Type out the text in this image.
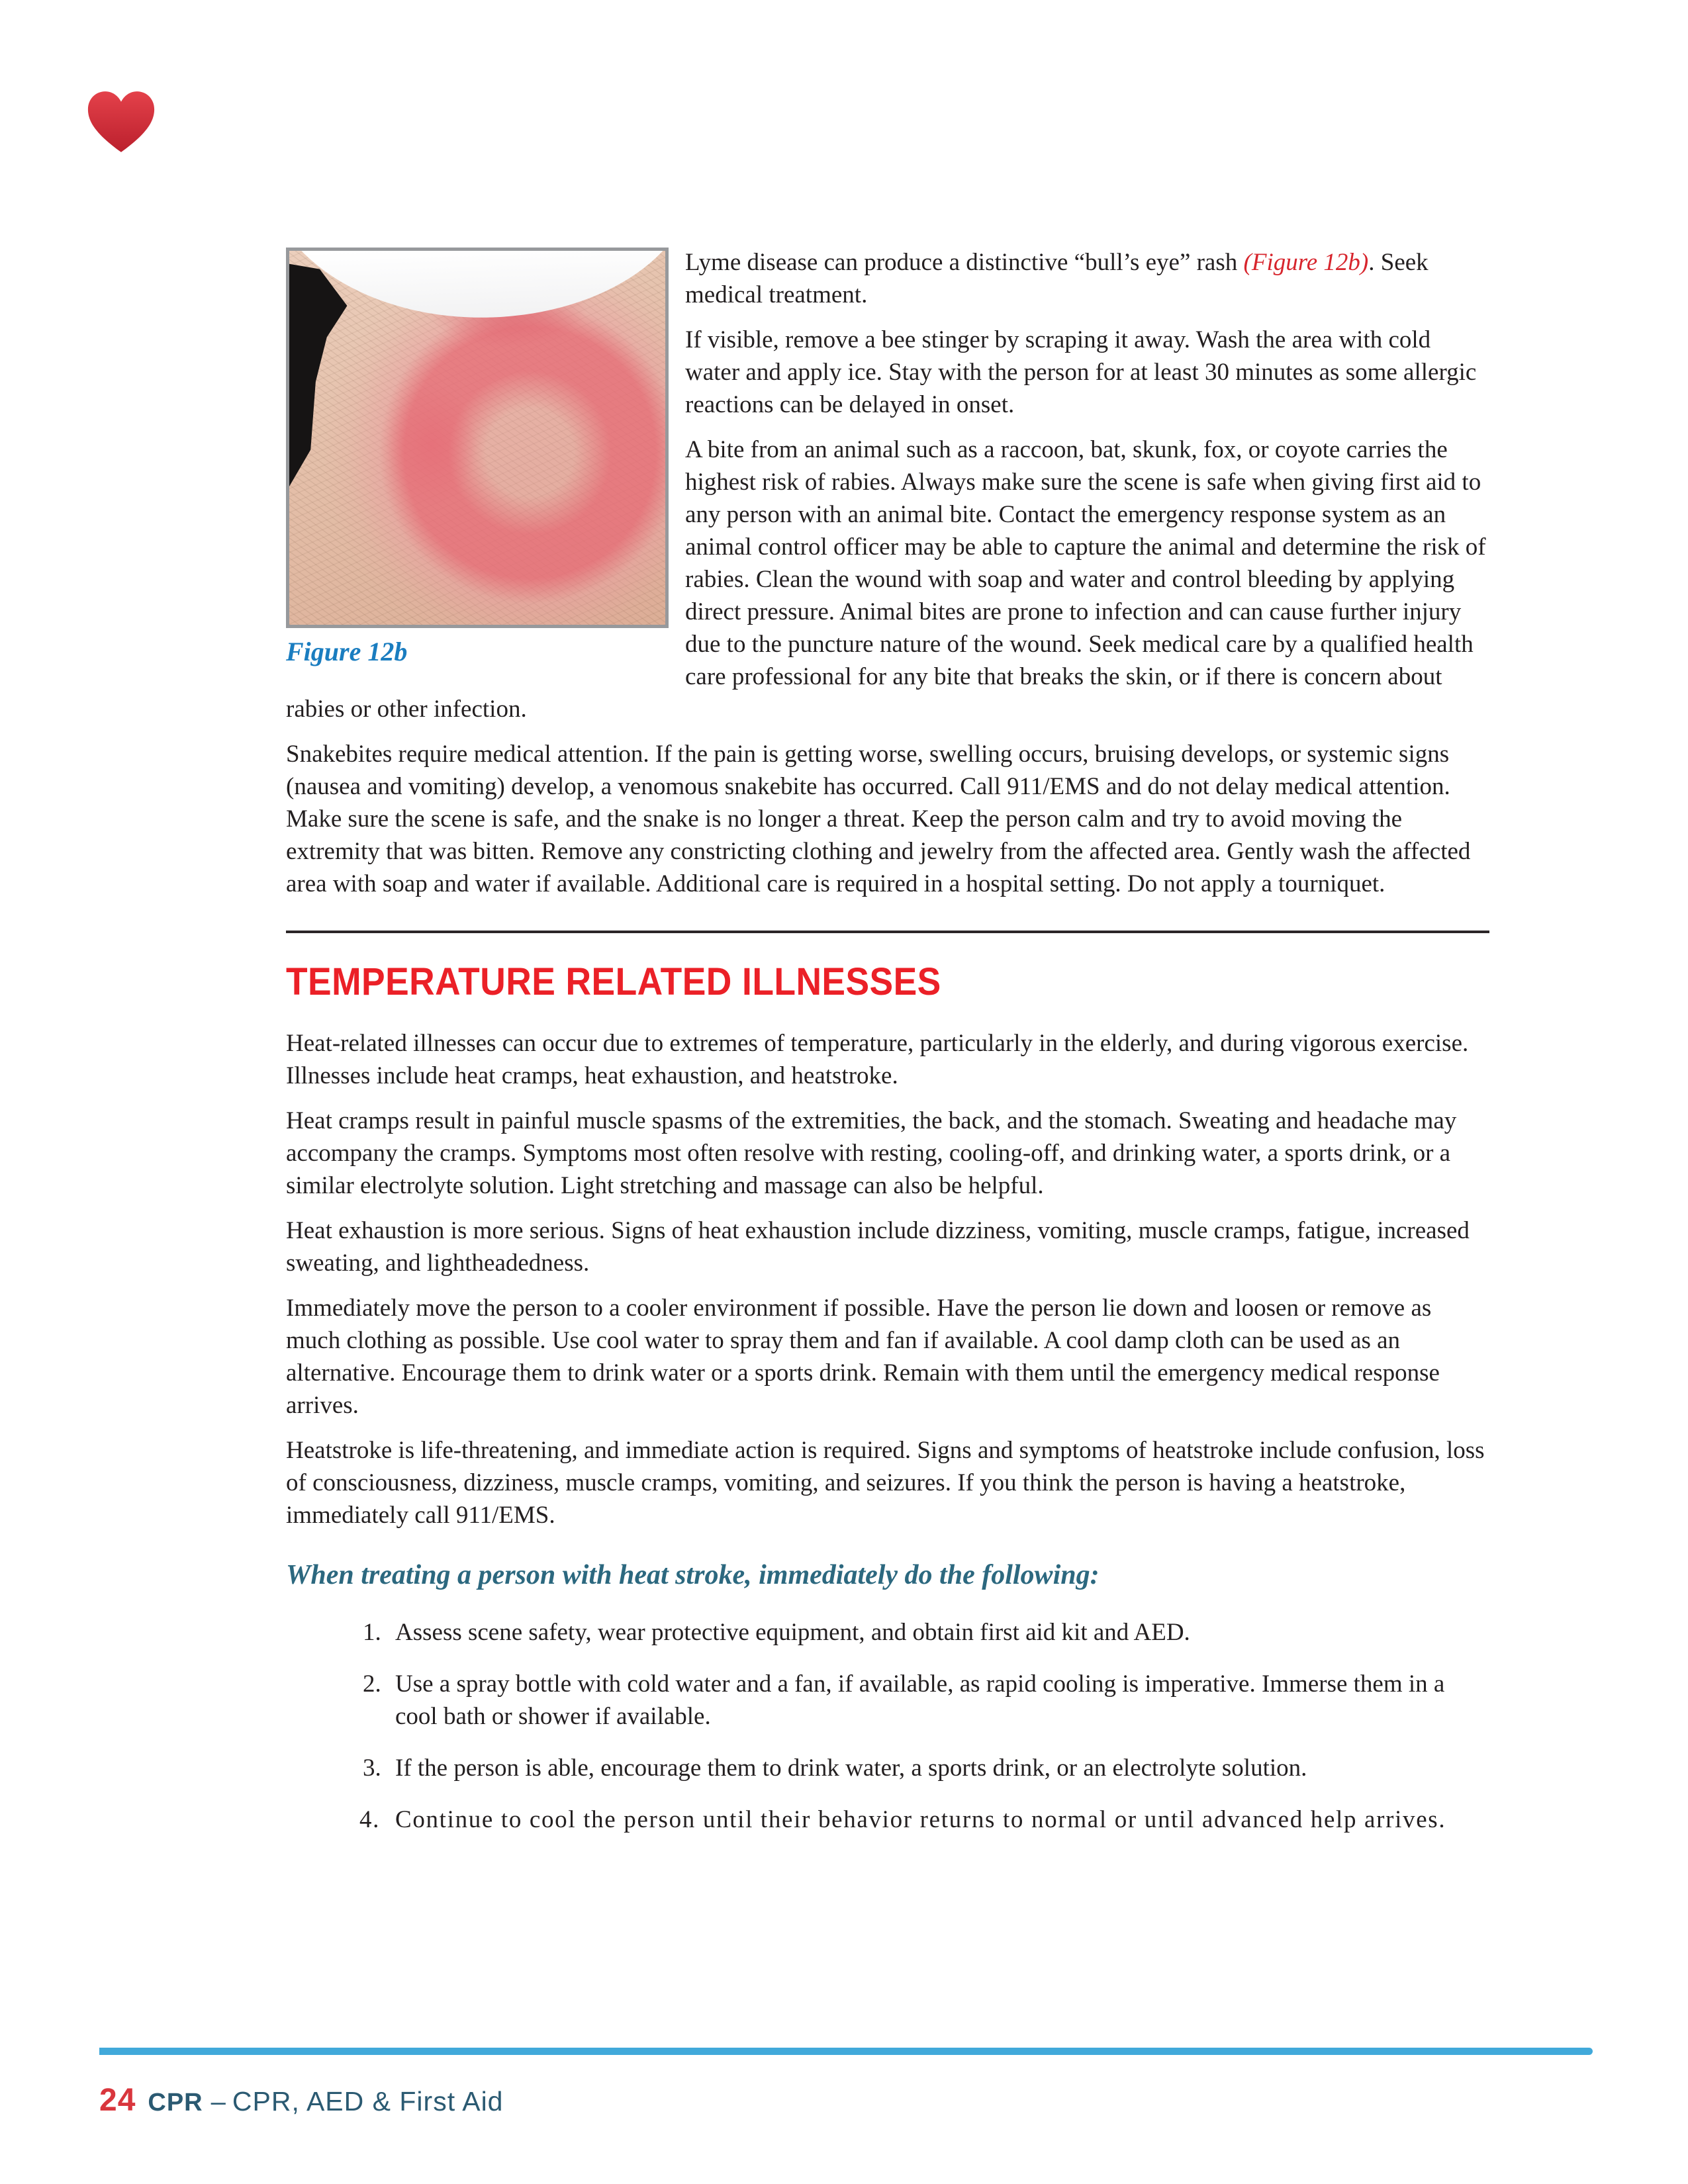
Figure 12b

Lyme disease can produce a distinctive “bull’s eye” rash (Figure 12b). Seek medical treatment.

If visible, remove a bee stinger by scraping it away. Wash the area with cold water and apply ice. Stay with the person for at least 30 minutes as some allergic reactions can be delayed in onset.

A bite from an animal such as a raccoon, bat, skunk, fox, or coyote carries the highest risk of rabies. Always make sure the scene is safe when giving first aid to any person with an animal bite. Contact the emergency response system as an animal control officer may be able to capture the animal and determine the risk of rabies. Clean the wound with soap and water and control bleeding by applying direct pressure. Animal bites are prone to infection and can cause further injury due to the puncture nature of the wound. Seek medical care by a qualified health care professional for any bite that breaks the skin, or if there is concern about rabies or other infection.

Snakebites require medical attention. If the pain is getting worse, swelling occurs, bruising develops, or systemic signs (nausea and vomiting) develop, a venomous snakebite has occurred. Call 911/EMS and do not delay medical attention. Make sure the scene is safe, and the snake is no longer a threat. Keep the person calm and try to avoid moving the extremity that was bitten. Remove any constricting clothing and jewelry from the affected area. Gently wash the affected area with soap and water if available. Additional care is required in a hospital setting. Do not apply a tourniquet.

TEMPERATURE RELATED ILLNESSES

Heat-related illnesses can occur due to extremes of temperature, particularly in the elderly, and during vigorous exercise. Illnesses include heat cramps, heat exhaustion, and heatstroke.

Heat cramps result in painful muscle spasms of the extremities, the back, and the stomach. Sweating and headache may accompany the cramps. Symptoms most often resolve with resting, cooling-off, and drinking water, a sports drink, or a similar electrolyte solution. Light stretching and massage can also be helpful.

Heat exhaustion is more serious. Signs of heat exhaustion include dizziness, vomiting, muscle cramps, fatigue, increased sweating, and lightheadedness.

Immediately move the person to a cooler environment if possible. Have the person lie down and loosen or remove as much clothing as possible. Use cool water to spray them and fan if available. A cool damp cloth can be used as an alternative. Encourage them to drink water or a sports drink. Remain with them until the emergency medical response arrives.

Heatstroke is life-threatening, and immediate action is required. Signs and symptoms of heatstroke include confusion, loss of consciousness, dizziness, muscle cramps, vomiting, and seizures. If you think the person is having a heatstroke, immediately call 911/EMS.

When treating a person with heat stroke, immediately do the following:
1. Assess scene safety, wear protective equipment, and obtain first aid kit and AED.
2. Use a spray bottle with cold water and a fan, if available, as rapid cooling is imperative. Immerse them in a cool bath or shower if available.
3. If the person is able, encourage them to drink water, a sports drink, or an electrolyte solution.
4. Continue to cool the person until their behavior returns to normal or until advanced help arrives.
24 CPR – CPR, AED & First Aid
